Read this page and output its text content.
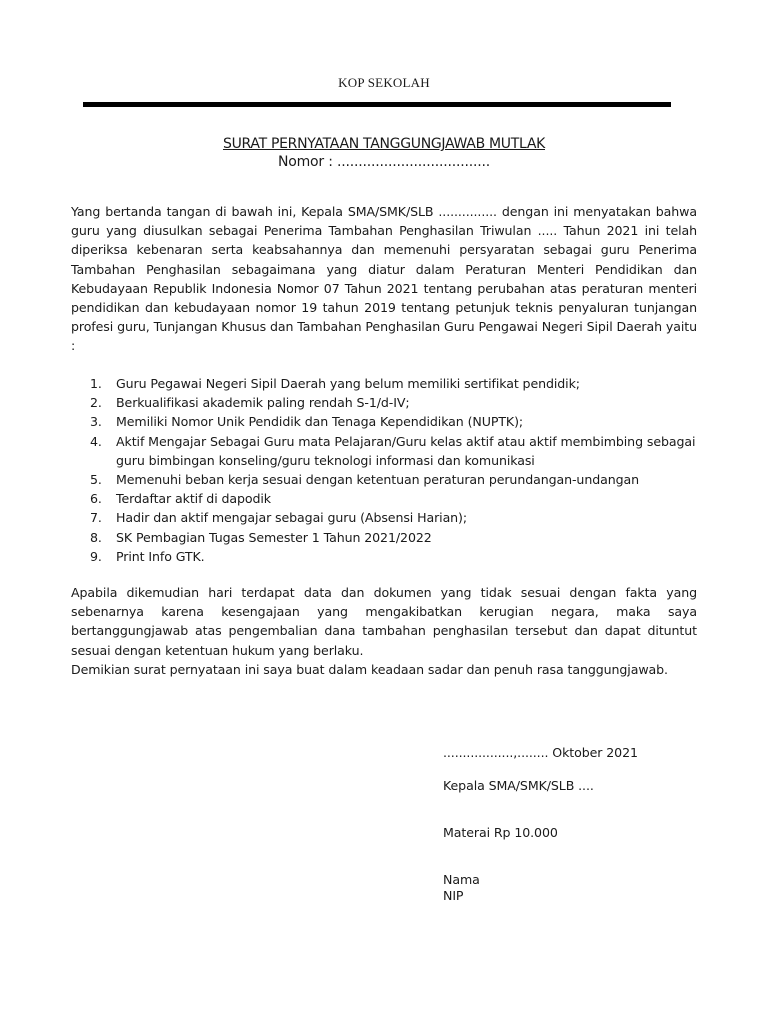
KOP SEKOLAH
SURAT PERNYATAAN TANGGUNGJAWAB MUTLAK
Nomor : ....................................
Yang bertanda tangan di bawah ini, Kepala SMA/SMK/SLB ............... dengan ini menyatakan bahwa guru yang diusulkan sebagai Penerima Tambahan Penghasilan Triwulan ..... Tahun 2021 ini telah diperiksa kebenaran serta keabsahannya dan memenuhi persyaratan sebagai guru Penerima Tambahan Penghasilan sebagaimana yang diatur dalam Peraturan Menteri Pendidikan dan Kebudayaan Republik Indonesia Nomor 07 Tahun 2021 tentang perubahan atas peraturan menteri pendidikan dan kebudayaan nomor 19 tahun 2019 tentang petunjuk teknis penyaluran tunjangan profesi guru, Tunjangan Khusus dan Tambahan Penghasilan Guru Pengawai Negeri Sipil Daerah yaitu :
1.	Guru Pegawai Negeri Sipil Daerah yang belum memiliki sertifikat pendidik;
2.	Berkualifikasi akademik paling rendah S-1/d-IV;
3.	Memiliki Nomor Unik Pendidik dan Tenaga Kependidikan (NUPTK);
4.	Aktif Mengajar Sebagai Guru mata Pelajaran/Guru kelas aktif atau aktif membimbing sebagai guru bimbingan konseling/guru teknologi informasi dan komunikasi
5.	Memenuhi beban kerja sesuai dengan ketentuan peraturan perundangan-undangan
6.	Terdaftar aktif di dapodik
7.	Hadir dan aktif mengajar sebagai guru (Absensi Harian);
8.	SK Pembagian Tugas Semester 1 Tahun 2021/2022
9.	Print Info GTK.
Apabila dikemudian hari terdapat data dan dokumen yang tidak sesuai dengan fakta yang sebenarnya karena kesengajaan yang mengakibatkan kerugian negara, maka saya bertanggungjawab atas pengembalian dana tambahan penghasilan tersebut dan dapat dituntut sesuai dengan ketentuan hukum yang berlaku.
Demikian surat pernyataan ini saya buat dalam keadaan sadar dan penuh rasa tanggungjawab.
..................,........ Oktober 2021
Kepala SMA/SMK/SLB ....
Materai Rp 10.000
Nama
NIP
